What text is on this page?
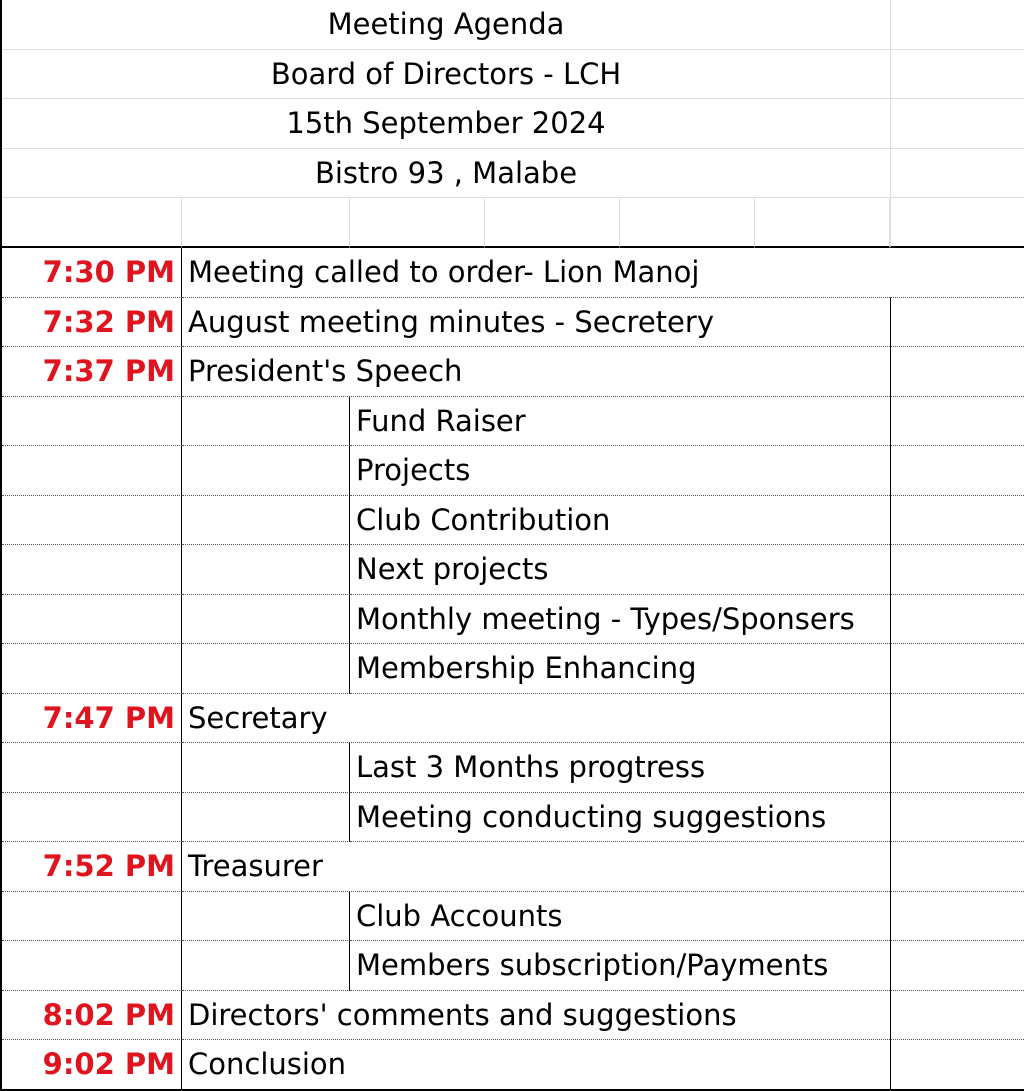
Meeting Agenda
Board of Directors - LCH
15th September 2024
Bistro 93 , Malabe
7:30 PM Meeting called to order- Lion Manoj
7:32 PM August meeting minutes - Secretery
7:37 PM President's Speech
Fund Raiser
Projects
Club Contribution
Next projects
Monthly meeting - Types/Sponsers
Membership Enhancing
7:47 PM Secretary
Last 3 Months progtress
Meeting conducting suggestions
7:52 PM Treasurer
Club Accounts
Members subscription/Payments
8:02 PM Directors' comments and suggestions
9:02 PM Conclusion
